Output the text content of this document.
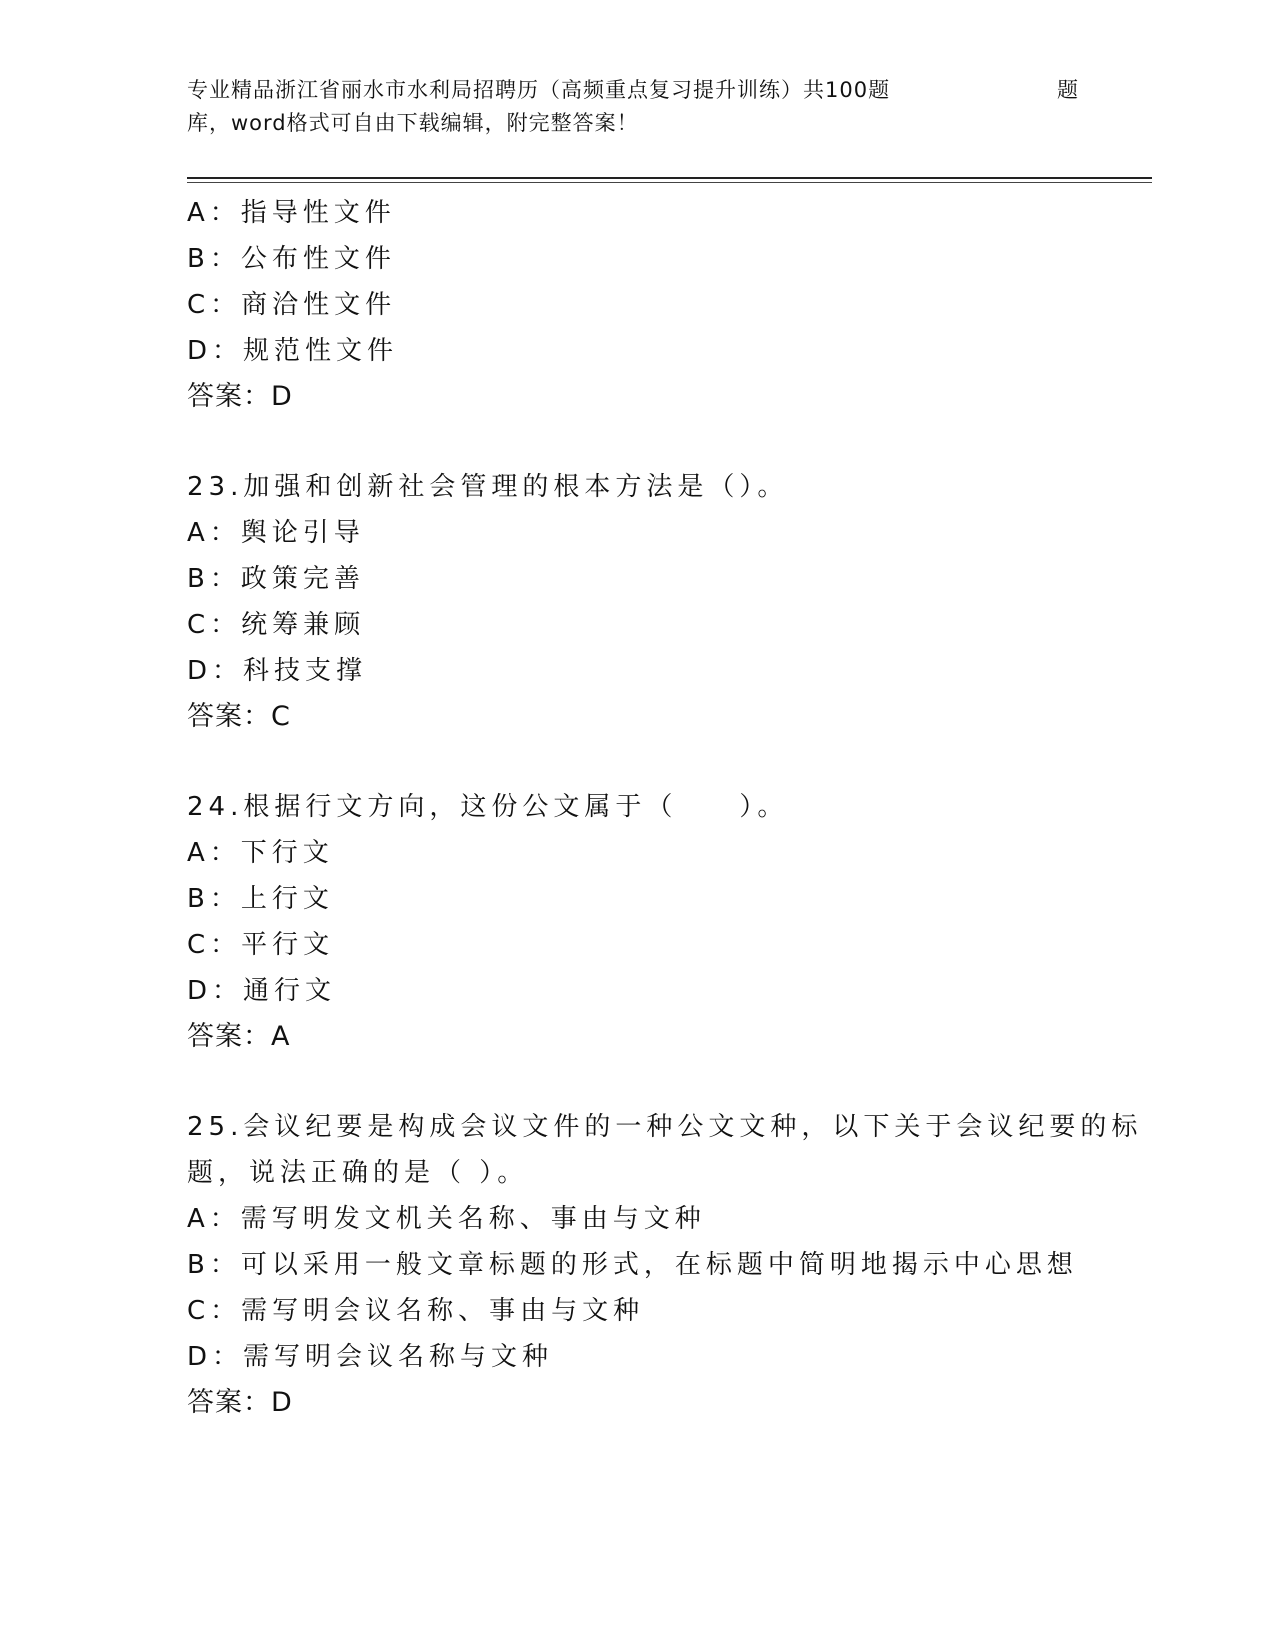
专业精品浙江省丽水市水利局招聘历（高频重点复习提升训练）共100题
库，word格式可自由下载编辑，附完整答案！
题
A：指导性文件
B：公布性文件
C：商洽性文件
D：规范性文件
答案：D
23.加强和创新社会管理的根本方法是（）。
A：舆论引导
B：政策完善
C：统筹兼顾
D：科技支撑
答案：C
24.根据行文方向，这份公文属于（　　）。
A：下行文
B：上行文
C：平行文
D：通行文
答案：A
25.会议纪要是构成会议文件的一种公文文种，以下关于会议纪要的标
题，说法正确的是（ ）。
A：需写明发文机关名称、事由与文种
B：可以采用一般文章标题的形式，在标题中简明地揭示中心思想
C：需写明会议名称、事由与文种
D：需写明会议名称与文种
答案：D
